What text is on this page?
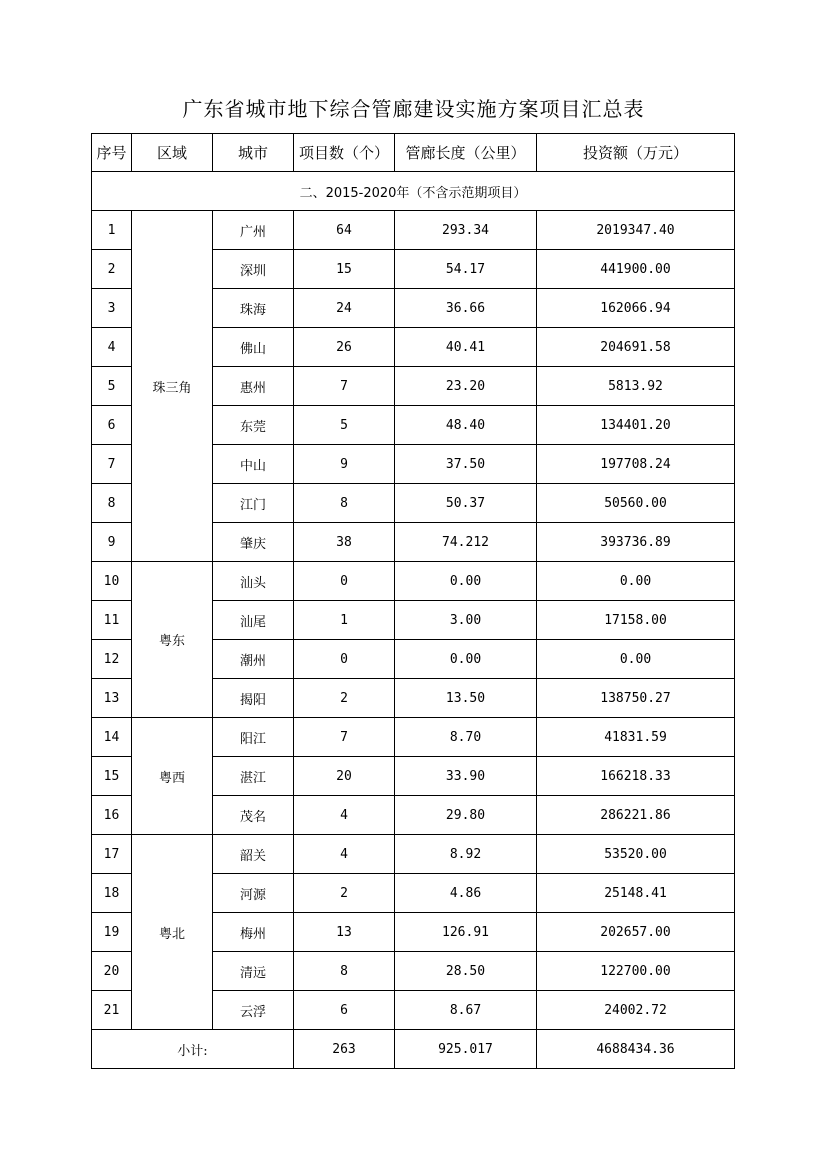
广东省城市地下综合管廊建设实施方案项目汇总表
序号	区域	城市	项目数（个）	管廊长度（公里）	投资额（万元）
二、2015-2020年（不含示范期项目）					
1	珠三角	广州	64	293.34	2019347.40
2		深圳	15	54.17	441900.00
3		珠海	24	36.66	162066.94
4		佛山	26	40.41	204691.58
5		惠州	7	23.20	5813.92
6		东莞	5	48.40	134401.20
7		中山	9	37.50	197708.24
8		江门	8	50.37	50560.00
9		肇庆	38	74.212	393736.89
10	粤东	汕头	0	0.00	0.00
11		汕尾	1	3.00	17158.00
12		潮州	0	0.00	0.00
13		揭阳	2	13.50	138750.27
14	粤西	阳江	7	8.70	41831.59
15		湛江	20	33.90	166218.33
16		茂名	4	29.80	286221.86
17	粤北	韶关	4	8.92	53520.00
18		河源	2	4.86	25148.41
19		梅州	13	126.91	202657.00
20		清远	8	28.50	122700.00
21		云浮	6	8.67	24002.72
小计:			263	925.017	4688434.36
